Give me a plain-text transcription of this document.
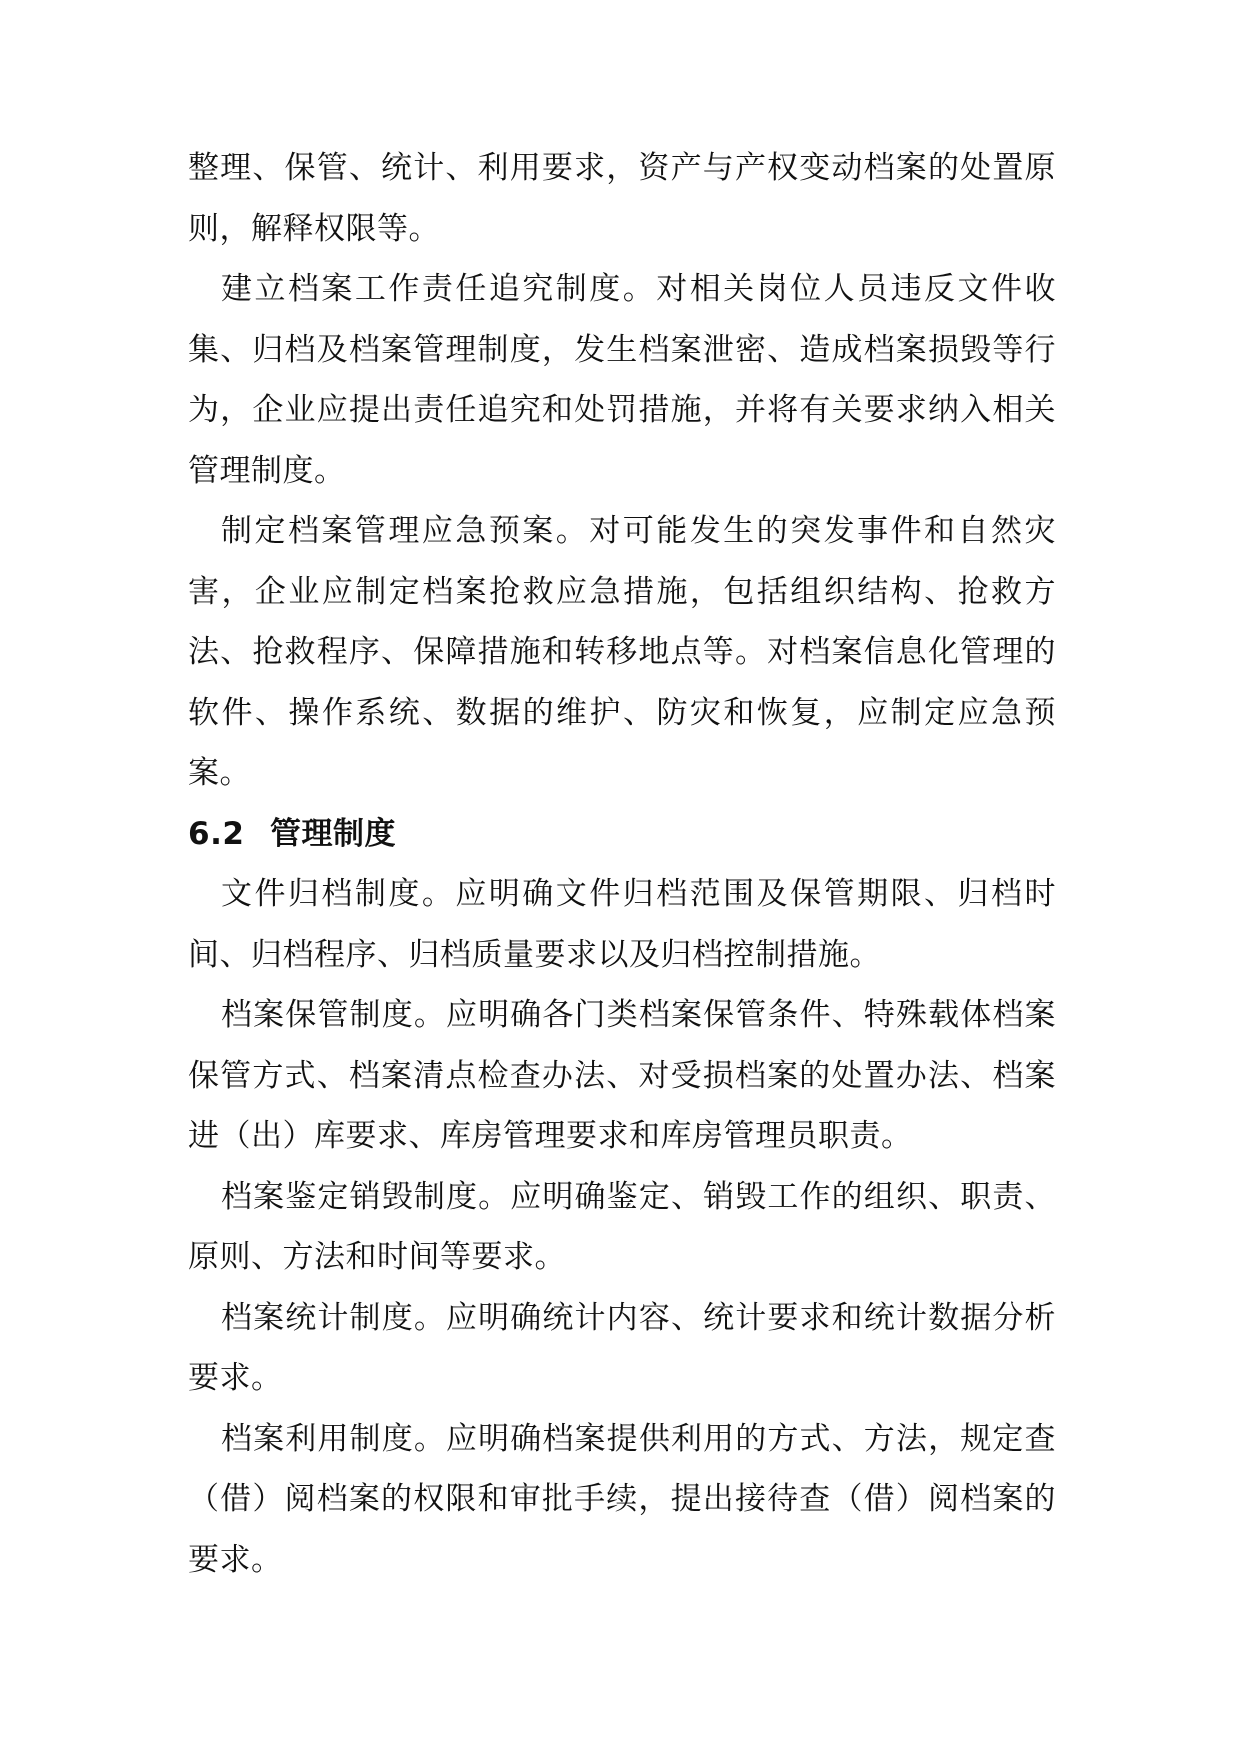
整理、保管、统计、利用要求，资产与产权变动档案的处置原则，解释权限等。

建立档案工作责任追究制度。对相关岗位人员违反文件收集、归档及档案管理制度，发生档案泄密、造成档案损毁等行为，企业应提出责任追究和处罚措施，并将有关要求纳入相关管理制度。

制定档案管理应急预案。对可能发生的突发事件和自然灾害，企业应制定档案抢救应急措施，包括组织结构、抢救方法、抢救程序、保障措施和转移地点等。对档案信息化管理的软件、操作系统、数据的维护、防灾和恢复，应制定应急预案。

6.2 管理制度

文件归档制度。应明确文件归档范围及保管期限、归档时间、归档程序、归档质量要求以及归档控制措施。

档案保管制度。应明确各门类档案保管条件、特殊载体档案保管方式、档案清点检查办法、对受损档案的处置办法、档案进（出）库要求、库房管理要求和库房管理员职责。

档案鉴定销毁制度。应明确鉴定、销毁工作的组织、职责、原则、方法和时间等要求。

档案统计制度。应明确统计内容、统计要求和统计数据分析要求。

档案利用制度。应明确档案提供利用的方式、方法，规定查（借）阅档案的权限和审批手续，提出接待查（借）阅档案的要求。
